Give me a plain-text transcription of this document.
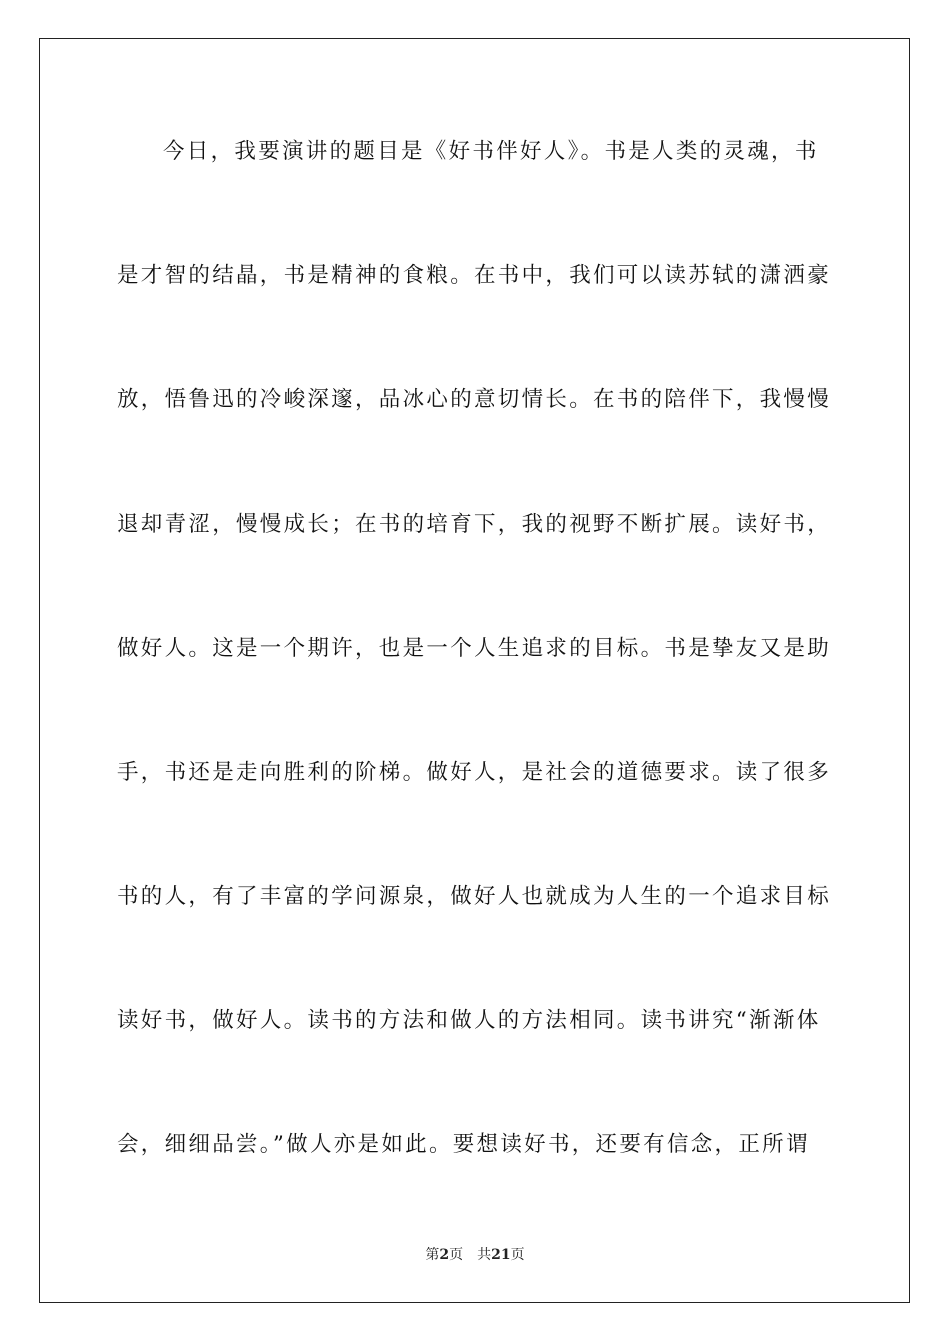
今日，我要演讲的题目是《好书伴好人》。书是人类的灵魂，书
是才智的结晶，书是精神的食粮。在书中，我们可以读苏轼的潇洒豪
放，悟鲁迅的冷峻深邃，品冰心的意切情长。在书的陪伴下，我慢慢
退却青涩，慢慢成长；在书的培育下，我的视野不断扩展。读好书，
做好人。这是一个期许，也是一个人生追求的目标。书是挚友又是助
手，书还是走向胜利的阶梯。做好人，是社会的道德要求。读了很多
书的人，有了丰富的学问源泉，做好人也就成为人生的一个追求目标
读好书，做好人。读书的方法和做人的方法相同。读书讲究“渐渐体
会，细细品尝。”做人亦是如此。要想读好书，还要有信念，正所谓
第2页 共21页
